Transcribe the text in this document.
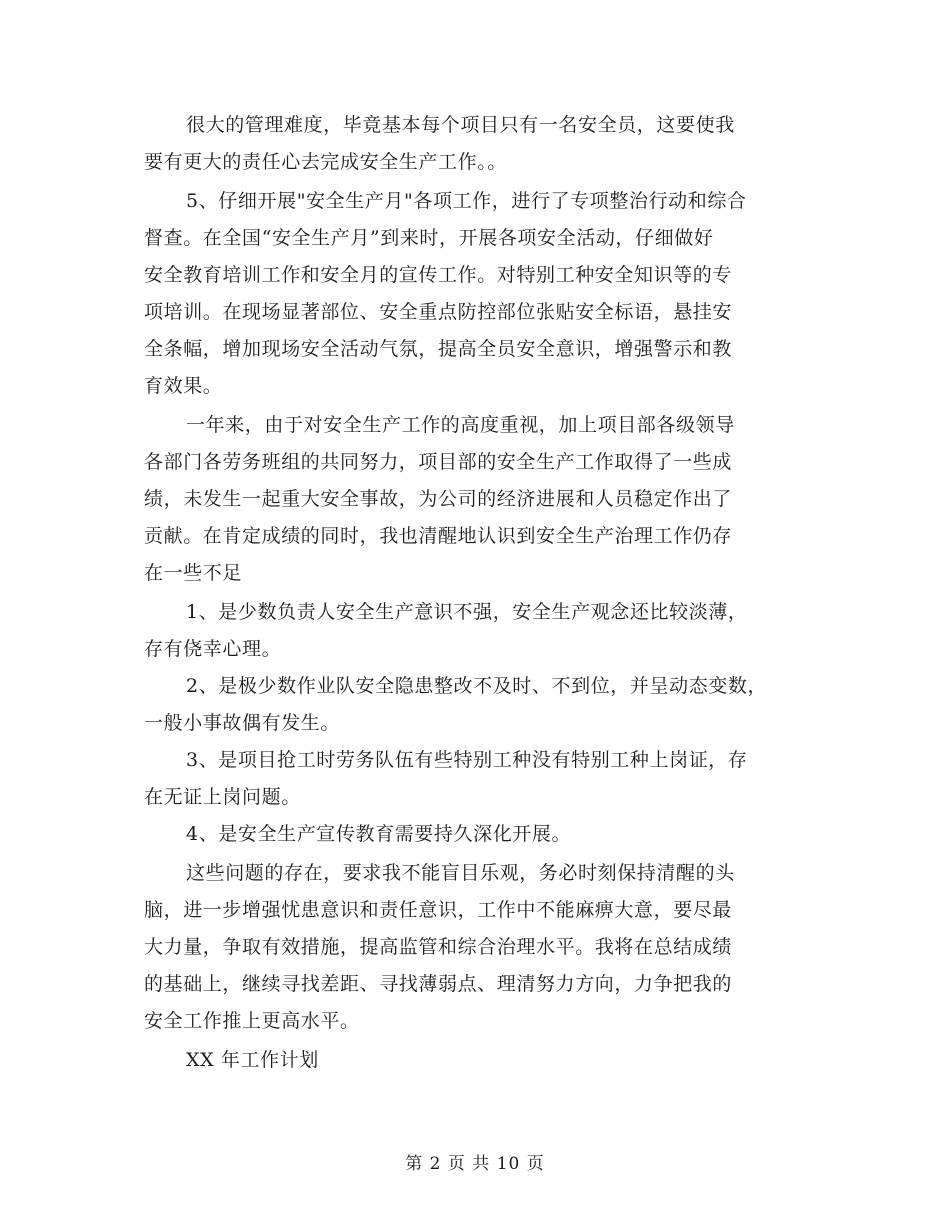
很大的管理难度，毕竟基本每个项目只有一名安全员，这要使我
要有更大的责任心去完成安全生产工作。。
5、仔细开展"安全生产月"各项工作，进行了专项整治行动和综合
督查。在全国“安全生产月”到来时，开展各项安全活动，仔细做好
安全教育培训工作和安全月的宣传工作。对特别工种安全知识等的专
项培训。在现场显著部位、安全重点防控部位张贴安全标语，悬挂安
全条幅，增加现场安全活动气氛，提高全员安全意识，增强警示和教
育效果。
一年来，由于对安全生产工作的高度重视，加上项目部各级领导
各部门各劳务班组的共同努力，项目部的安全生产工作取得了一些成
绩，未发生一起重大安全事故，为公司的经济进展和人员稳定作出了
贡献。在肯定成绩的同时，我也清醒地认识到安全生产治理工作仍存
在一些不足
1、是少数负责人安全生产意识不强，安全生产观念还比较淡薄，
存有侥幸心理。
2、是极少数作业队安全隐患整改不及时、不到位，并呈动态变数，
一般小事故偶有发生。
3、是项目抢工时劳务队伍有些特别工种没有特别工种上岗证，存
在无证上岗问题。
4、是安全生产宣传教育需要持久深化开展。
这些问题的存在，要求我不能盲目乐观，务必时刻保持清醒的头
脑，进一步增强忧患意识和责任意识，工作中不能麻痹大意，要尽最
大力量，争取有效措施，提高监管和综合治理水平。我将在总结成绩
的基础上，继续寻找差距、寻找薄弱点、理清努力方向，力争把我的
安全工作推上更高水平。
XX 年工作计划
第 2 页 共 10 页
